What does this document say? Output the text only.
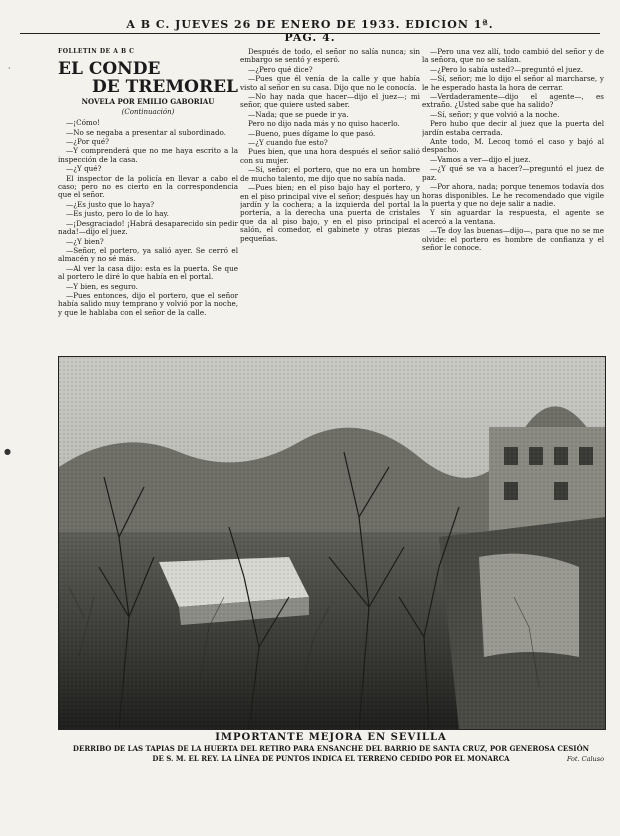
A B C. JUEVES 26 DE ENERO DE 1933. EDICION 1ª. PAG. 4.
·
●
FOLLETIN DE A B C
EL CONDE
DE TREMOREL
NOVELA POR EMILIO GABORIAU
(Continuación)

—¡Cómo!

—No se negaba a presentar al subordinado.

—¿Por qué?

—Y comprenderá que no me haya escrito a la inspección de la casa.

—¿Y qué?

El inspector de la policía en llevar a cabo el caso; pero no es cierto en la correspondencia que el señor.

—¿Es justo que lo haya?

—Es justo, pero lo de lo hay.

—¡Desgraciado! ¡Habrá desaparecido sin pedir nada!—dijo el juez.

—¿Y bien?

—Señor, el portero, ya salió ayer. Se cerró el almacén y no sé más.

—Al ver la casa dijo: esta es la puerta. Se que al portero le diré lo que había en el portal.

—Y bien, es seguro.

—Pues entonces, dijo el portero, que el señor había salido muy temprano y volvió por la noche, y que le hablaba con el señor de la calle.

Después de todo, el señor no salía nunca; sin embargo se sentó y esperó.

—¿Pero qué dice?

—Pues que él venía de la calle y que había visto al señor en su casa. Dijo que no le conocía.

—No hay nada que hacer—dijo el juez—; mi señor, que quiere usted saber.

—Nada; que se puede ir ya.

Pero no dijo nada más y no quiso hacerlo.

—Bueno, pues dígame lo que pasó.

—¿Y cuando fue esto?

Pues bien, que una hora después el señor salió con su mujer.

—Sí, señor; el portero, que no era un hombre de mucho talento, me dijo que no sabía nada.

—Pues bien; en el piso bajo hay el portero, y en el piso principal vive el señor; después hay un jardín y la cochera; a la izquierda del portal la portería, a la derecha una puerta de cristales que da al piso bajo, y en el piso principal el salón, el comedor, el gabinete y otras piezas pequeñas.

—Pero una vez allí, todo cambió del señor y de la señora, que no se salían.

—¿Pero lo sabía usted?—preguntó el juez.

—Sí, señor; me lo dijo el señor al marcharse, y le he esperado hasta la hora de cerrar.

—Verdaderamente—dijo el agente—, es extraño. ¿Usted sabe que ha salido?

—Sí, señor; y que volvió a la noche.

Pero hubo que decir al juez que la puerta del jardín estaba cerrada.

Ante todo, M. Lecoq tomó el caso y bajó al despacho.

—Vamos a ver—dijo el juez.

—¿Y qué se va a hacer?—preguntó el juez de paz.

—Por ahora, nada; porque tenemos todavía dos horas disponibles. Le he recomendado que vigile la puerta y que no deje salir a nadie.

Y sin aguardar la respuesta, el agente se acercó a la ventana.

—Te doy las buenas—dijo—, para que no se me olvide: el portero es hombre de confianza y el señor le conoce.

IMPORTANTE MEJORA EN SEVILLA
DERRIBO DE LAS TAPIAS DE LA HUERTA DEL RETIRO PARA ENSANCHE DEL BARRIO DE SANTA CRUZ, POR GENEROSA CESIÓN
DE S. M. EL REY. LA LÍNEA DE PUNTOS INDICA EL TERRENO CEDIDO POR EL MONARCA	Fot. Caluso
